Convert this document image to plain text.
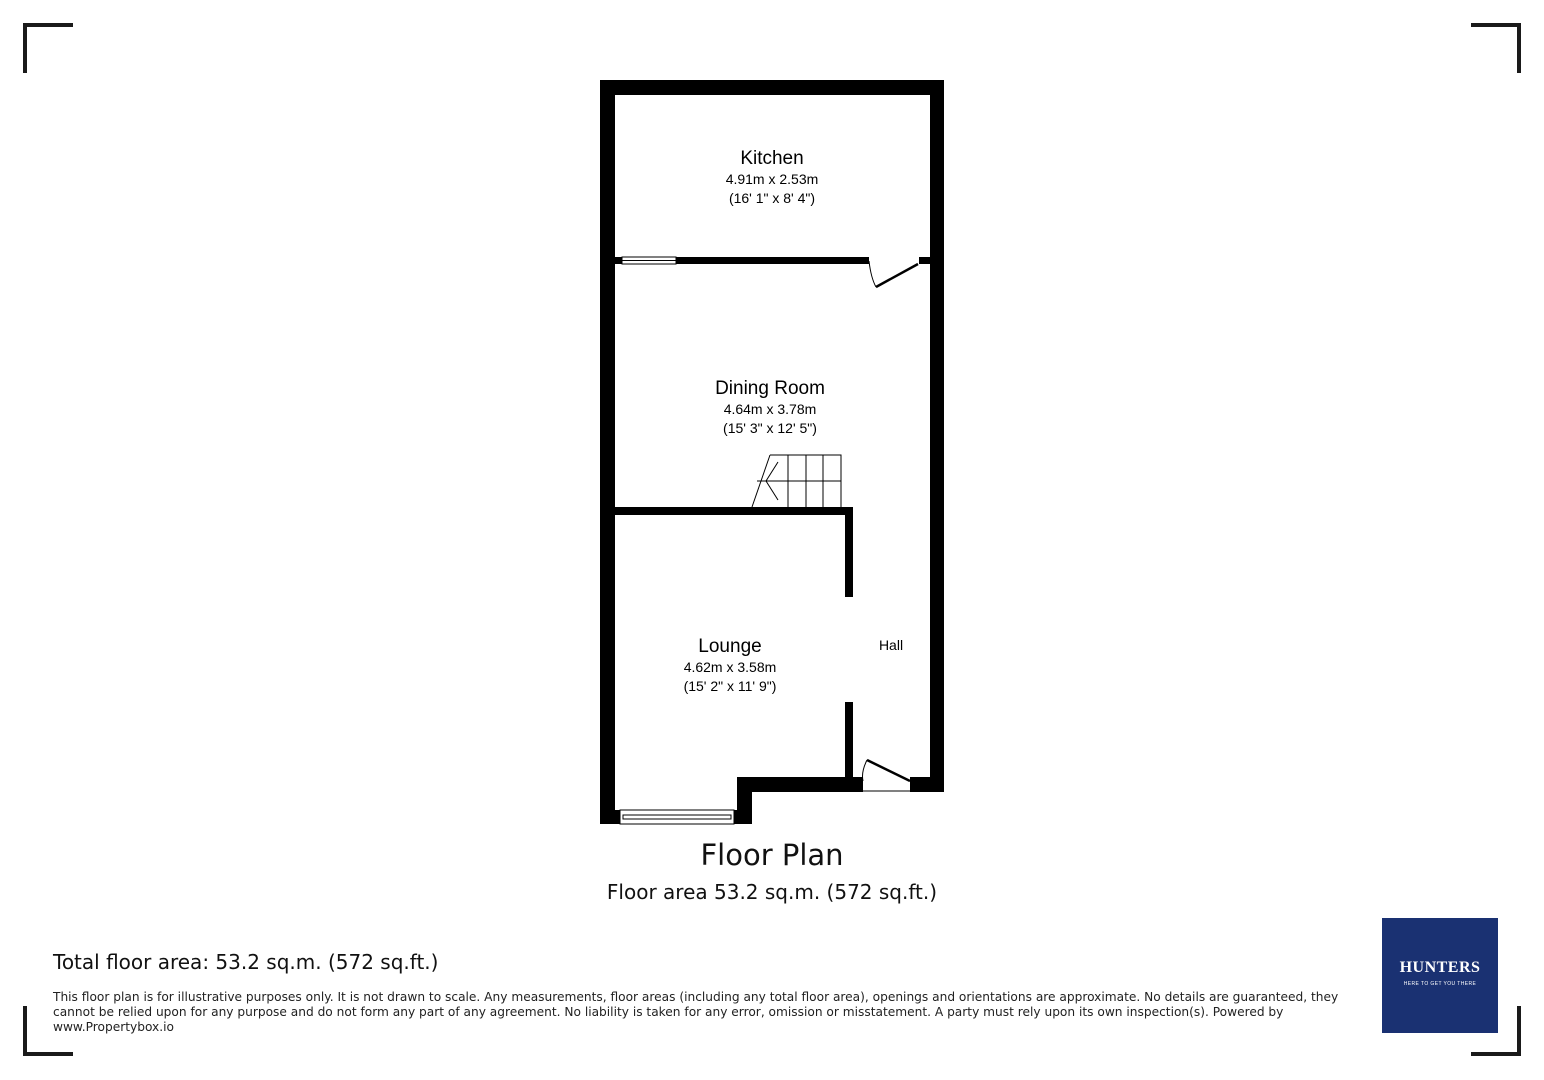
Kitchen
4.91m x 2.53m
(16' 1" x 8' 4")
Dining Room
4.64m x 3.78m
(15' 3" x 12' 5")
Lounge
4.62m x 3.58m
(15' 2" x 11' 9")
Hall
Floor Plan
Floor area 53.2 sq.m. (572 sq.ft.)
Total floor area: 53.2 sq.m. (572 sq.ft.)
This floor plan is for illustrative purposes only. It is not drawn to scale. Any measurements, floor areas (including any total floor area), openings and orientations are approximate. No details are guaranteed, they cannot be relied upon for any purpose and do not form any part of any agreement. No liability is taken for any error, omission or misstatement. A party must rely upon its own inspection(s). Powered by www.Propertybox.io
HUNTERS
HERE TO GET YOU THERE
